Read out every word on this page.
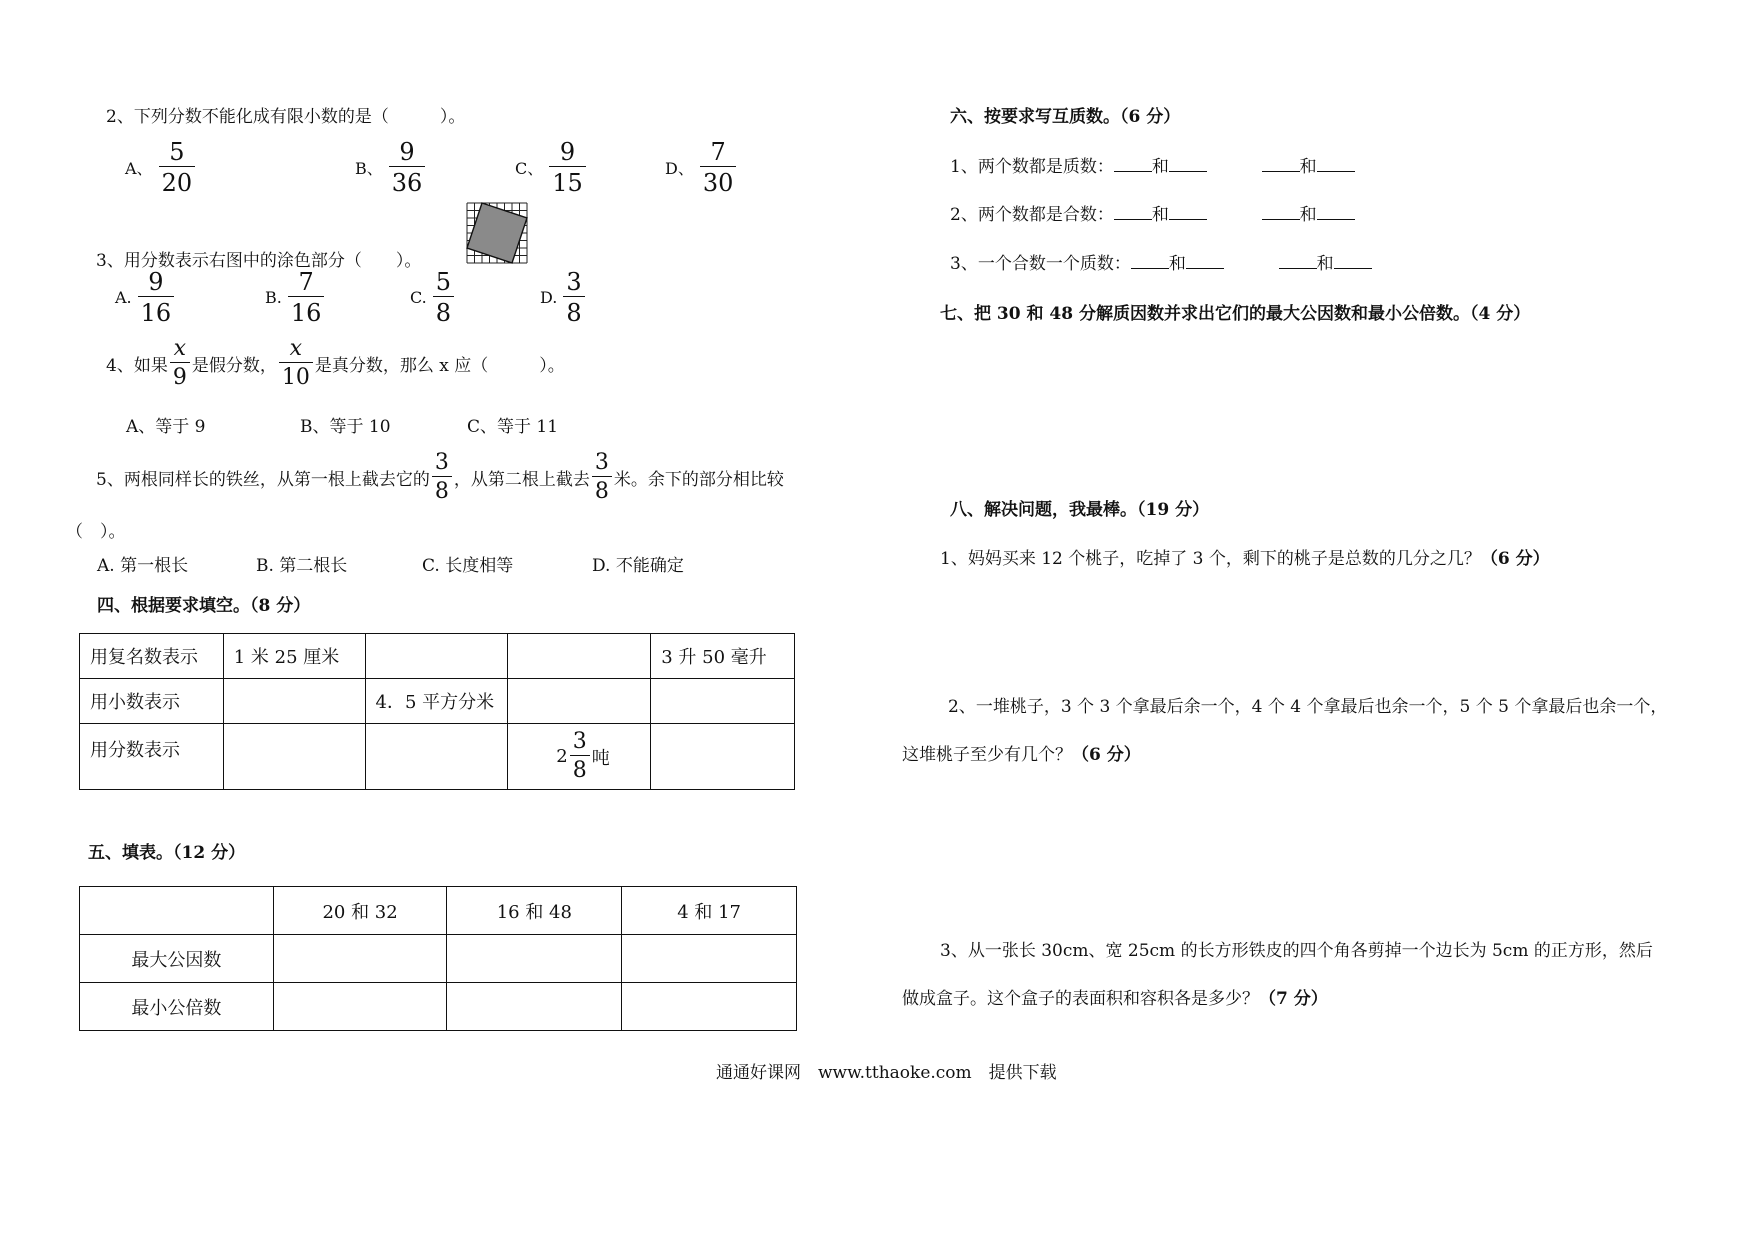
2、下列分数不能化成有限小数的是（　　　）。
A、 $\frac{5}{20}$	B、 $\frac{9}{36}$	C、 $\frac{9}{15}$	D、 $\frac{7}{30}$
3、用分数表示右图中的涂色部分（　　）。
A. $\frac{9}{16}$	B. $\frac{7}{16}$	C. $\frac{5}{8}$	D. $\frac{3}{8}$
4、如果 $\frac{x}{9}$ 是假分数， $\frac{x}{10}$ 是真分数，那么 x 应（　　　）。
A、等于 9	B、等于 10	C、等于 11
5、两根同样长的铁丝，从第一根上截去它的 $\frac{3}{8}$ ，从第二根上截去 $\frac{3}{8}$ 米。余下的部分相比较
（　）。
A. 第一根长	B. 第二根长	C. 长度相等	D. 不能确定
四、根据要求填空。（8 分）
用复名数表示	1 米 25 厘米			3 升 50 毫升
用小数表示		4．5 平方分米		
用分数表示			$2 \frac{3}{8}$ 吨	

五、填表。（12 分）
	20 和 32	16 和 48	4 和 17
最大公因数			
最小公倍数			
六、按要求写互质数。（6 分）
1、两个数都是质数： 和	和
2、两个数都是合数： 和	和
3、一个合数一个质数： 和	和
七、把 30 和 48 分解质因数并求出它们的最大公因数和最小公倍数。（4 分）
八、解决问题，我最棒。（19 分）
1、妈妈买来 12 个桃子，吃掉了 3 个，剩下的桃子是总数的几分之几？（6 分）
2、一堆桃子，3 个 3 个拿最后余一个，4 个 4 个拿最后也余一个，5 个 5 个拿最后也余一个，
这堆桃子至少有几个？（6 分）
3、从一张长 30cm、宽 25cm 的长方形铁皮的四个角各剪掉一个边长为 5cm 的正方形，然后
做成盒子。这个盒子的表面积和容积各是多少？（7 分）
通通好课网　www.tthaoke.com　提供下载
